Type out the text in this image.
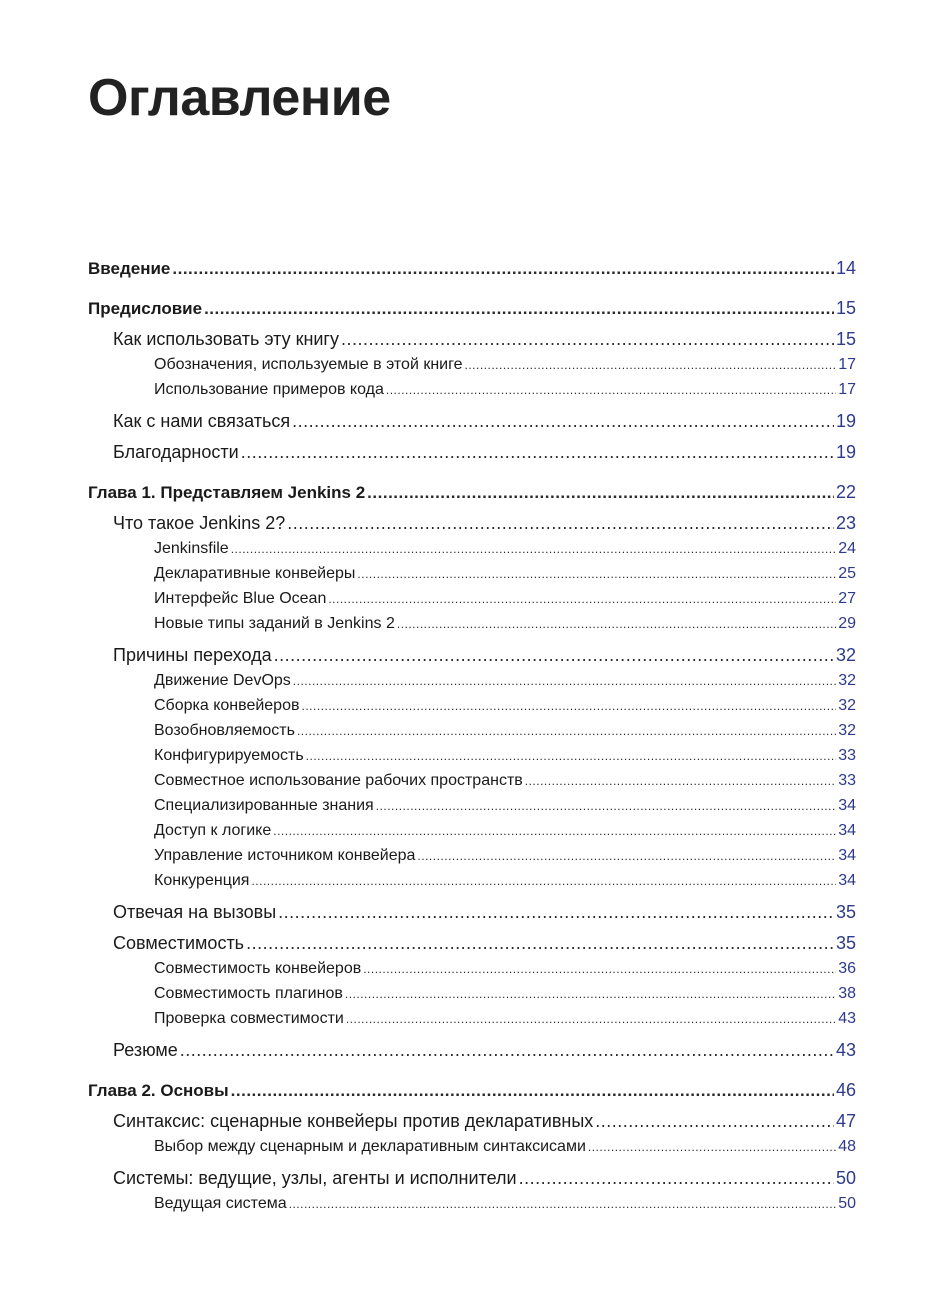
Оглавление
Введение .....	14
Предисловие .....	15
Как использовать эту книгу .....	15
Обозначения, используемые в этой книге .....	17
Использование примеров кода .....	17
Как с нами связаться .....	19
Благодарности .....	19
Глава 1. Представляем Jenkins 2 .....	22
Что такое Jenkins 2? .....	23
Jenkinsfile .....	24
Декларативные конвейеры .....	25
Интерфейс Blue Ocean .....	27
Новые типы заданий в Jenkins 2 .....	29
Причины перехода .....	32
Движение DevOps .....	32
Сборка конвейеров .....	32
Возобновляемость .....	32
Конфигурируемость .....	33
Совместное использование рабочих пространств .....	33
Специализированные знания .....	34
Доступ к логике .....	34
Управление источником конвейера .....	34
Конкуренция .....	34
Отвечая на вызовы .....	35
Совместимость .....	35
Совместимость конвейеров .....	36
Совместимость плагинов .....	38
Проверка совместимости .....	43
Резюме .....	43
Глава 2. Основы .....	46
Синтаксис: сценарные конвейеры против декларативных .....	47
Выбор между сценарным и декларативным синтаксисами .....	48
Системы: ведущие, узлы, агенты и исполнители .....	50
Ведущая система .....	50
